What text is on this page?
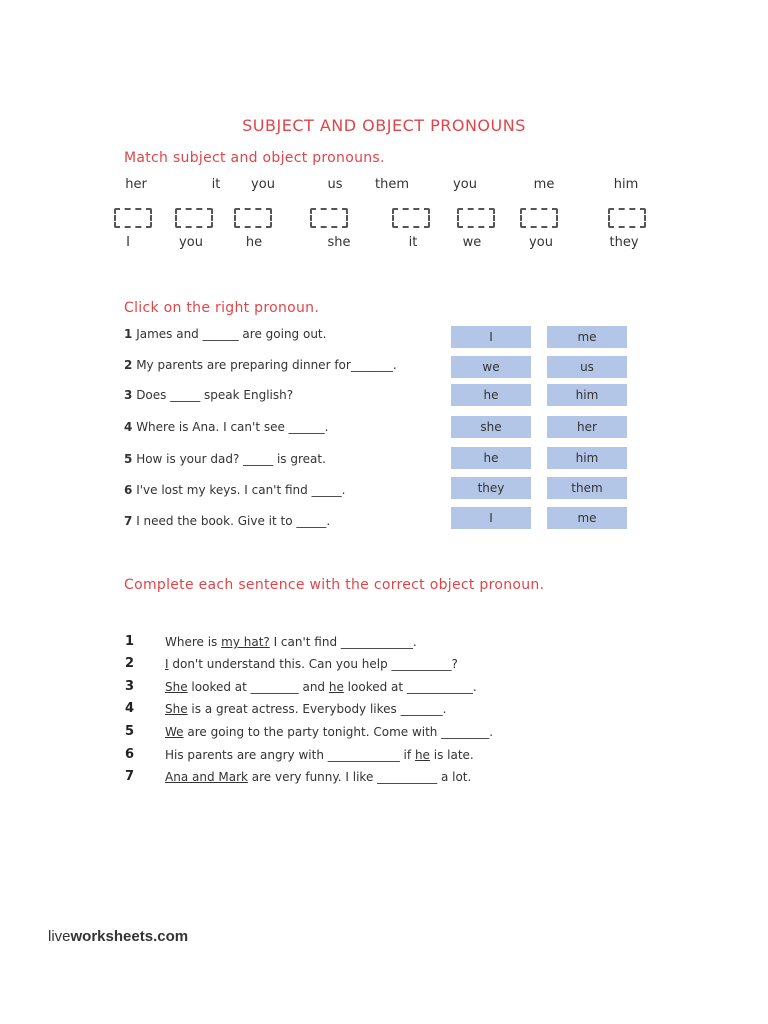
SUBJECT AND OBJECT PRONOUNS
Match subject and object pronouns.
her	it	you	us	them	you	me	him
I	you	he	she	it	we	you	they
Click on the right pronoun.
1 James and ______ are going out.	I	me
2 My parents are preparing dinner for_______.	we	us
3 Does _____ speak English?	he	him
4 Where is Ana. I can't see ______.	she	her
5 How is your dad? _____ is great.	he	him
6 I've lost my keys. I can't find _____.	they	them
7 I need the book. Give it to _____.	I	me
Complete each sentence with the correct object pronoun.
1	Where is my hat? I can't find ____________.
2	I don't understand this. Can you help __________?
3	She looked at ________ and he looked at ___________.
4	She is a great actress. Everybody likes _______.
5	We are going to the party tonight. Come with ________.
6	His parents are angry with ____________ if he is late.
7	Ana and Mark are very funny. I like __________ a lot.
liveworksheets.com
